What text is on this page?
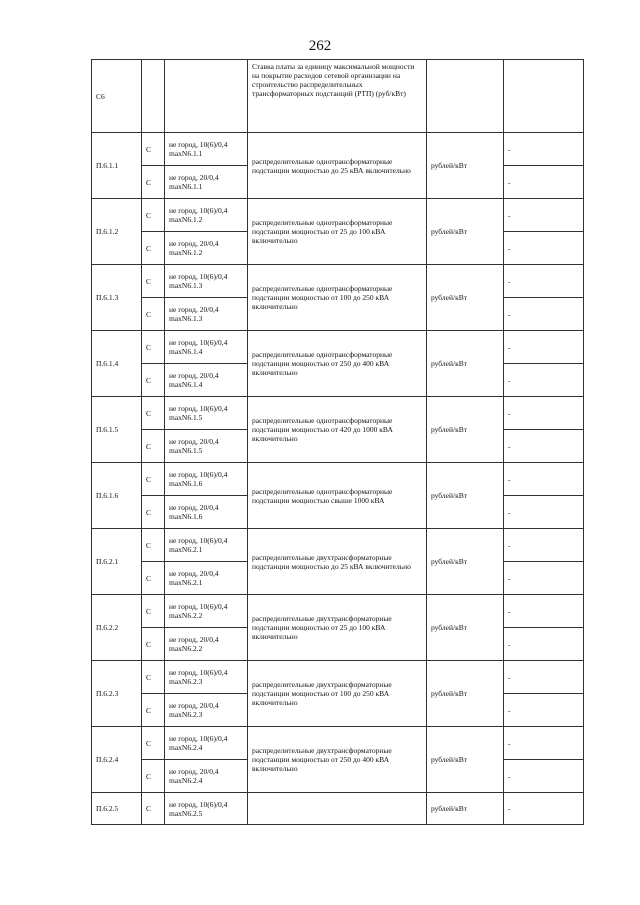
262
С6			Ставка платы за единицу максимальной мощности на покрытие расходов сетевой организации на строительство распределительных трансформаторных подстанций (РТП) (руб/кВт)		

П.6.1.1	С	не город, 10(6)/0,4 maxN6.1.1	распределительные однотрансформаторные подстанции мощностью до 25 кВА включительно	рублей/кВт	-
	С	не город, 20/0,4 maxN6.1.1			-
П.6.1.2	С	не город, 10(6)/0,4 maxN6.1.2	распределительные однотрансформаторные подстанции мощностью от 25 до 100 кВА включительно	рублей/кВт	-
	С	не город, 20/0,4 maxN6.1.2			-
П.6.1.3	С	не город, 10(6)/0,4 maxN6.1.3	распределительные однотрансформаторные подстанции мощностью от 100 до 250 кВА включительно	рублей/кВт	-
	С	не город, 20/0,4 maxN6.1.3			-
П.6.1.4	С	не город, 10(6)/0,4 maxN6.1.4	распределительные однотрансформаторные подстанции мощностью от 250 до 400 кВА включительно	рублей/кВт	-
	С	не город, 20/0,4 maxN6.1.4			-
П.6.1.5	С	не город, 10(6)/0,4 maxN6.1.5	распределительные однотрансформаторные подстанции мощностью от 420 до 1000 кВА включительно	рублей/кВт	-
	С	не город, 20/0,4 maxN6.1.5			-
П.6.1.6	С	не город, 10(6)/0,4 maxN6.1.6	распределительные однотрансформаторные подстанции мощностью свыше 1000 кВА	рублей/кВт	-
	С	не город, 20/0,4 maxN6.1.6			-
П.6.2.1	С	не город, 10(6)/0,4 maxN6.2.1	распределительные двухтрансформаторные подстанции мощностью до 25 кВА включительно	рублей/кВт	-
	С	не город, 20/0,4 maxN6.2.1			-
П.6.2.2	С	не город, 10(6)/0,4 maxN6.2.2	распределительные двухтрансформаторные подстанции мощностью от 25 до 100 кВА включительно	рублей/кВт	-
	С	не город, 20/0,4 maxN6.2.2			-
П.6.2.3	С	не город, 10(6)/0,4 maxN6.2.3	распределительные двухтрансформаторные подстанции мощностью от 100 до 250 кВА включительно	рублей/кВт	-
	С	не город, 20/0,4 maxN6.2.3			-
П.6.2.4	С	не город, 10(6)/0,4 maxN6.2.4	распределительные двухтрансформаторные подстанции мощностью от 250 до 400 кВА включительно	рублей/кВт	-
	С	не город, 20/0,4 maxN6.2.4			-
П.6.2.5	С	не город, 10(6)/0,4 maxN6.2.5		рублей/кВт	-
